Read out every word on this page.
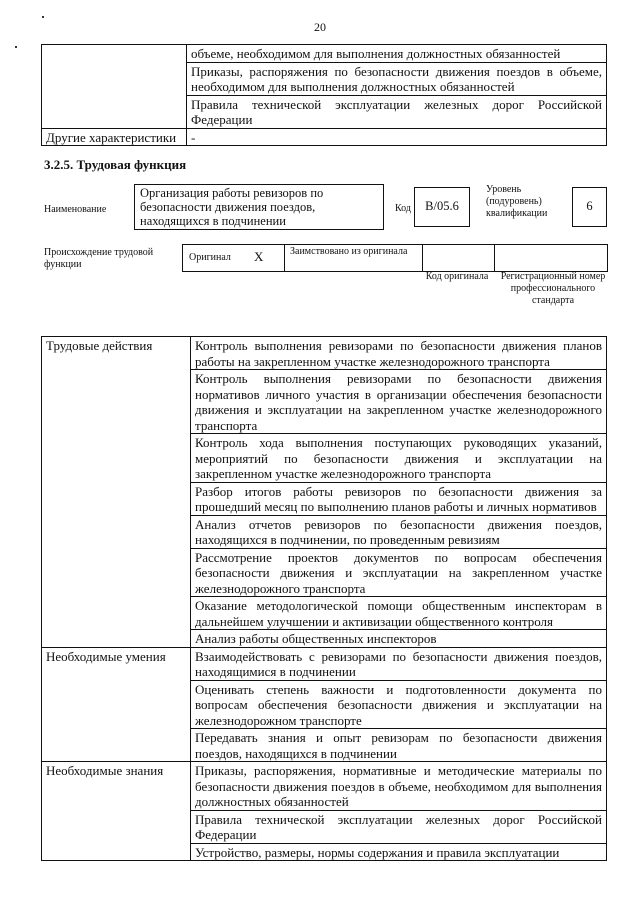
20
	объеме, необходимом для выполнения должностных обязанностей
	Приказы, распоряжения по безопасности движения поездов в объеме, необходимом для выполнения должностных обязанностей
	Правила технической эксплуатации железных дорог Российской Федерации
Другие характеристики	-
3.2.5. Трудовая функция
Наименование
Организация работы ревизоров по безопасности движения поездов, находящихся в подчинении
Код	B/05.6
Уровень (подуровень) квалификации
6
Происхождение трудовой функции
Оригинал X	Заимствовано из оригинала
Код оригинала Регистрационный номер профессионального стандарта
Трудовые действия	Контроль выполнения ревизорами по безопасности движения планов работы на закрепленном участке железнодорожного транспорта
	Контроль выполнения ревизорами по безопасности движения нормативов личного участия в организации обеспечения безопасности движения и эксплуатации на закрепленном участке железнодорожного транспорта
	Контроль хода выполнения поступающих руководящих указаний, мероприятий по безопасности движения и эксплуатации на закрепленном участке железнодорожного транспорта
	Разбор итогов работы ревизоров по безопасности движения за прошедший месяц по выполнению планов работы и личных нормативов
	Анализ отчетов ревизоров по безопасности движения поездов, находящихся в подчинении, по проведенным ревизиям
	Рассмотрение проектов документов по вопросам обеспечения безопасности движения и эксплуатации на закрепленном участке железнодорожного транспорта
	Оказание методологической помощи общественным инспекторам в дальнейшем улучшении и активизации общественного контроля
	Анализ работы общественных инспекторов
Необходимые умения	Взаимодействовать с ревизорами по безопасности движения поездов, находящимися в подчинении
	Оценивать степень важности и подготовленности документа по вопросам обеспечения безопасности движения и эксплуатации на железнодорожном транспорте
	Передавать знания и опыт ревизорам по безопасности движения поездов, находящихся в подчинении
Необходимые знания	Приказы, распоряжения, нормативные и методические материалы по безопасности движения поездов в объеме, необходимом для выполнения должностных обязанностей
	Правила технической эксплуатации железных дорог Российской Федерации
	Устройство, размеры, нормы содержания и правила эксплуатации
